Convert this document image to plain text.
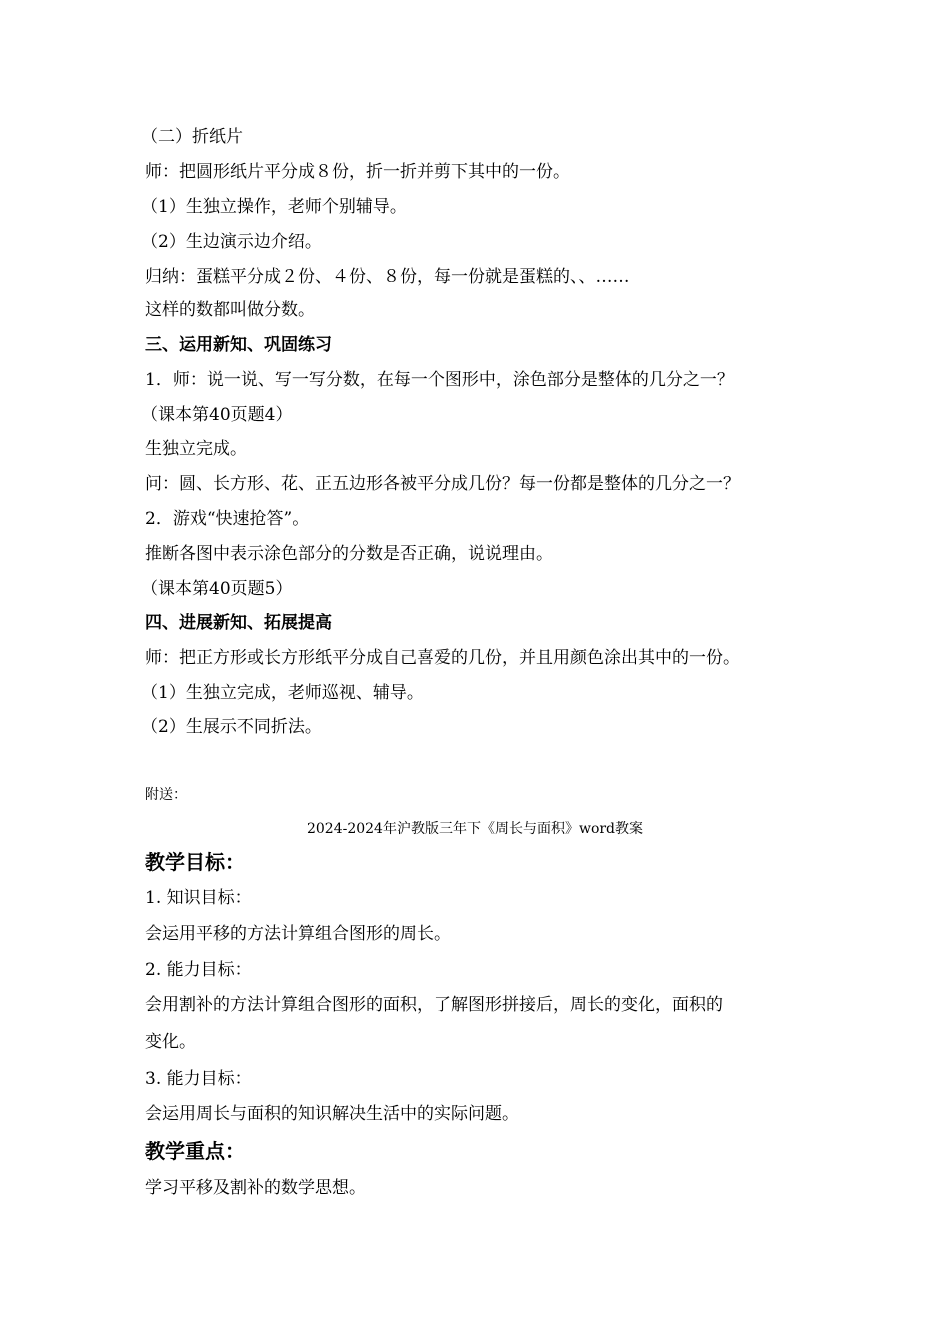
（二）折纸片
师：把圆形纸片平分成８份，折一折并剪下其中的一份。
（1）生独立操作，老师个别辅导。
（2）生边演示边介绍。
归纳：蛋糕平分成２份、４份、８份，每一份就是蛋糕的、、……
这样的数都叫做分数。
三、运用新知、巩固练习
1．师：说一说、写一写分数，在每一个图形中，涂色部分是整体的几分之一？
（课本第40页题4）
生独立完成。
问：圆、长方形、花、正五边形各被平分成几份？每一份都是整体的几分之一？
2．游戏“快速抢答”。
推断各图中表示涂色部分的分数是否正确，说说理由。
（课本第40页题5）
四、进展新知、拓展提高
师：把正方形或长方形纸平分成自己喜爱的几份，并且用颜色涂出其中的一份。
（1）生独立完成，老师巡视、辅导。
（2）生展示不同折法。
附送：
2024-2024年沪教版三年下《周长与面积》word教案
教学目标：
1. 知识目标：
会运用平移的方法计算组合图形的周长。
2. 能力目标：
会用割补的方法计算组合图形的面积，了解图形拼接后，周长的变化，面积的
变化。
3. 能力目标：
会运用周长与面积的知识解决生活中的实际问题。
教学重点：
学习平移及割补的数学思想。
